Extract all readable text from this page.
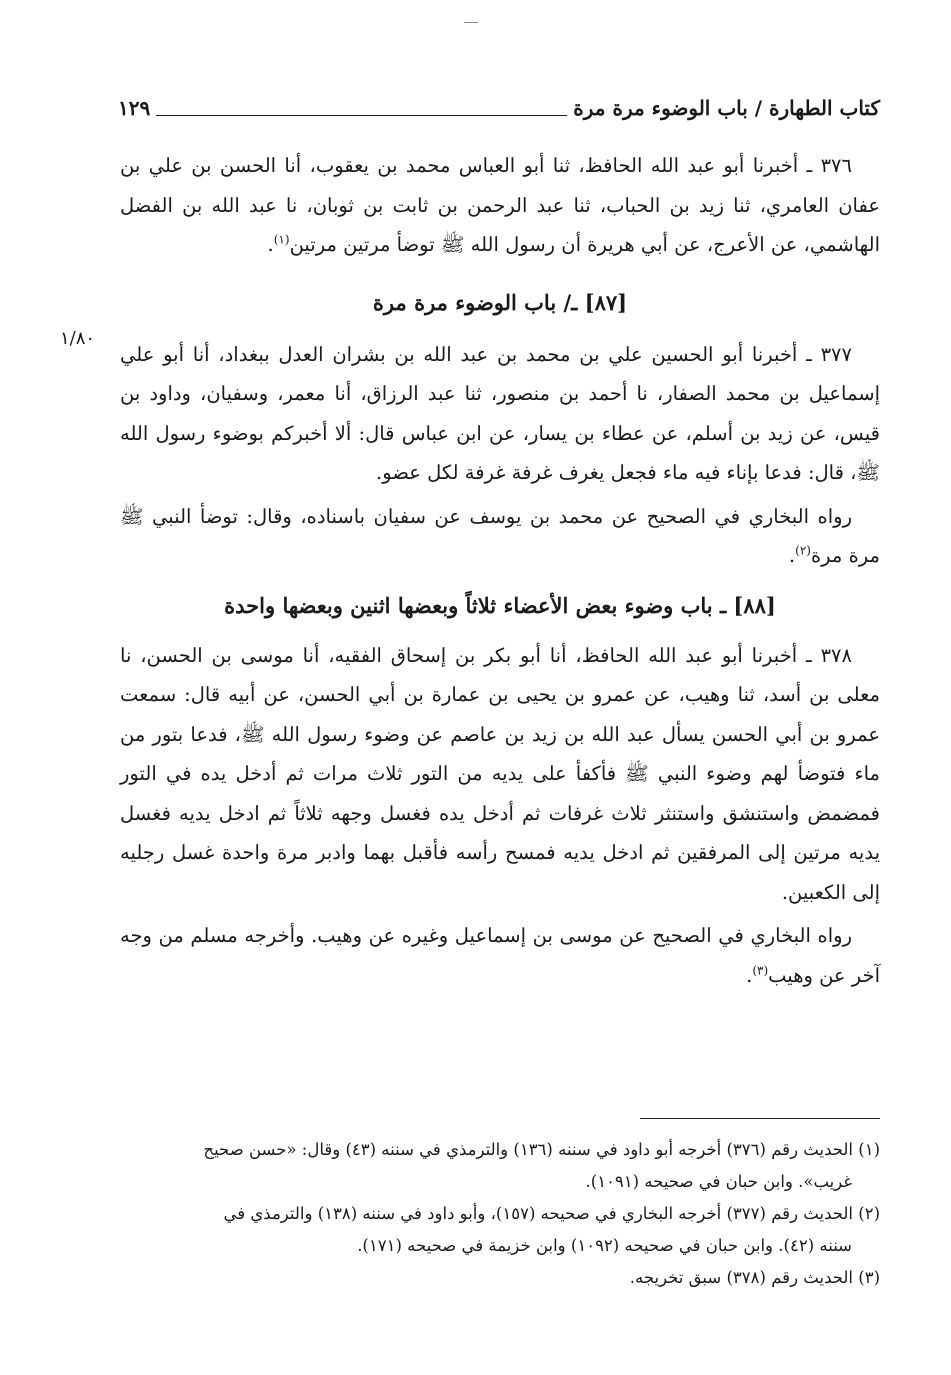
كتاب الطهارة / باب الوضوء مرة مرة
١٢٩
١/٨٠

٣٧٦ ـ أخبرنا أبو عبد الله الحافظ، ثنا أبو العباس محمد بن يعقوب، أنا الحسن بن علي بن عفان العامري، ثنا زيد بن الحباب، ثنا عبد الرحمن بن ثابت بن ثوبان، نا عبد الله بن الفضل الهاشمي، عن الأعرج، عن أبي هريرة أن رسول الله ﷺ توضأ مرتين مرتين$^{(١)}$.

[٨٧] ـ/ باب الوضوء مرة مرة

٣٧٧ ـ أخبرنا أبو الحسين علي بن محمد بن عبد الله بن بشران العدل ببغداد، أنا أبو علي إسماعيل بن محمد الصفار، نا أحمد بن منصور، ثنا عبد الرزاق، أنا معمر، وسفيان، وداود بن قيس، عن زيد بن أسلم، عن عطاء بن يسار، عن ابن عباس قال: ألا أخبركم بوضوء رسول الله ﷺ، قال: فدعا بإناء فيه ماء فجعل يغرف غرفة غرفة لكل عضو.

رواه البخاري في الصحيح عن محمد بن يوسف عن سفيان باسناده، وقال: توضأ النبي ﷺ مرة مرة$^{(٢)}$.

[٨٨] ـ باب وضوء بعض الأعضاء ثلاثاً وبعضها اثنين وبعضها واحدة

٣٧٨ ـ أخبرنا أبو عبد الله الحافظ، أنا أبو بكر بن إسحاق الفقيه، أنا موسى بن الحسن، نا معلى بن أسد، ثنا وهيب، عن عمرو بن يحيى بن عمارة بن أبي الحسن، عن أبيه قال: سمعت عمرو بن أبي الحسن يسأل عبد الله بن زيد بن عاصم عن وضوء رسول الله ﷺ، فدعا بتور من ماء فتوضأ لهم وضوء النبي ﷺ فأكفأ على يديه من التور ثلاث مرات ثم أدخل يده في التور فمضمض واستنشق واستنثر ثلاث غرفات ثم أدخل يده فغسل وجهه ثلاثاً ثم ادخل يديه فغسل يديه مرتين إلى المرفقين ثم ادخل يديه فمسح رأسه فأقبل بهما وادبر مرة واحدة غسل رجليه إلى الكعبين.

رواه البخاري في الصحيح عن موسى بن إسماعيل وغيره عن وهيب. وأخرجه مسلم من وجه آخر عن وهيب$^{(٣)}$.

(١) الحديث رقم (٣٧٦) أخرجه أبو داود في سننه (١٣٦) والترمذي في سننه (٤٣) وقال: «حسن صحيح
غريب». وابن حبان في صحيحه (١٠٩١).

(٢) الحديث رقم (٣٧٧) أخرجه البخاري في صحيحه (١٥٧)، وأبو داود في سننه (١٣٨) والترمذي في
سننه (٤٢). وابن حبان في صحيحه (١٠٩٢) وابن خزيمة في صحيحه (١٧١).

(٣) الحديث رقم (٣٧٨) سبق تخريجه.
